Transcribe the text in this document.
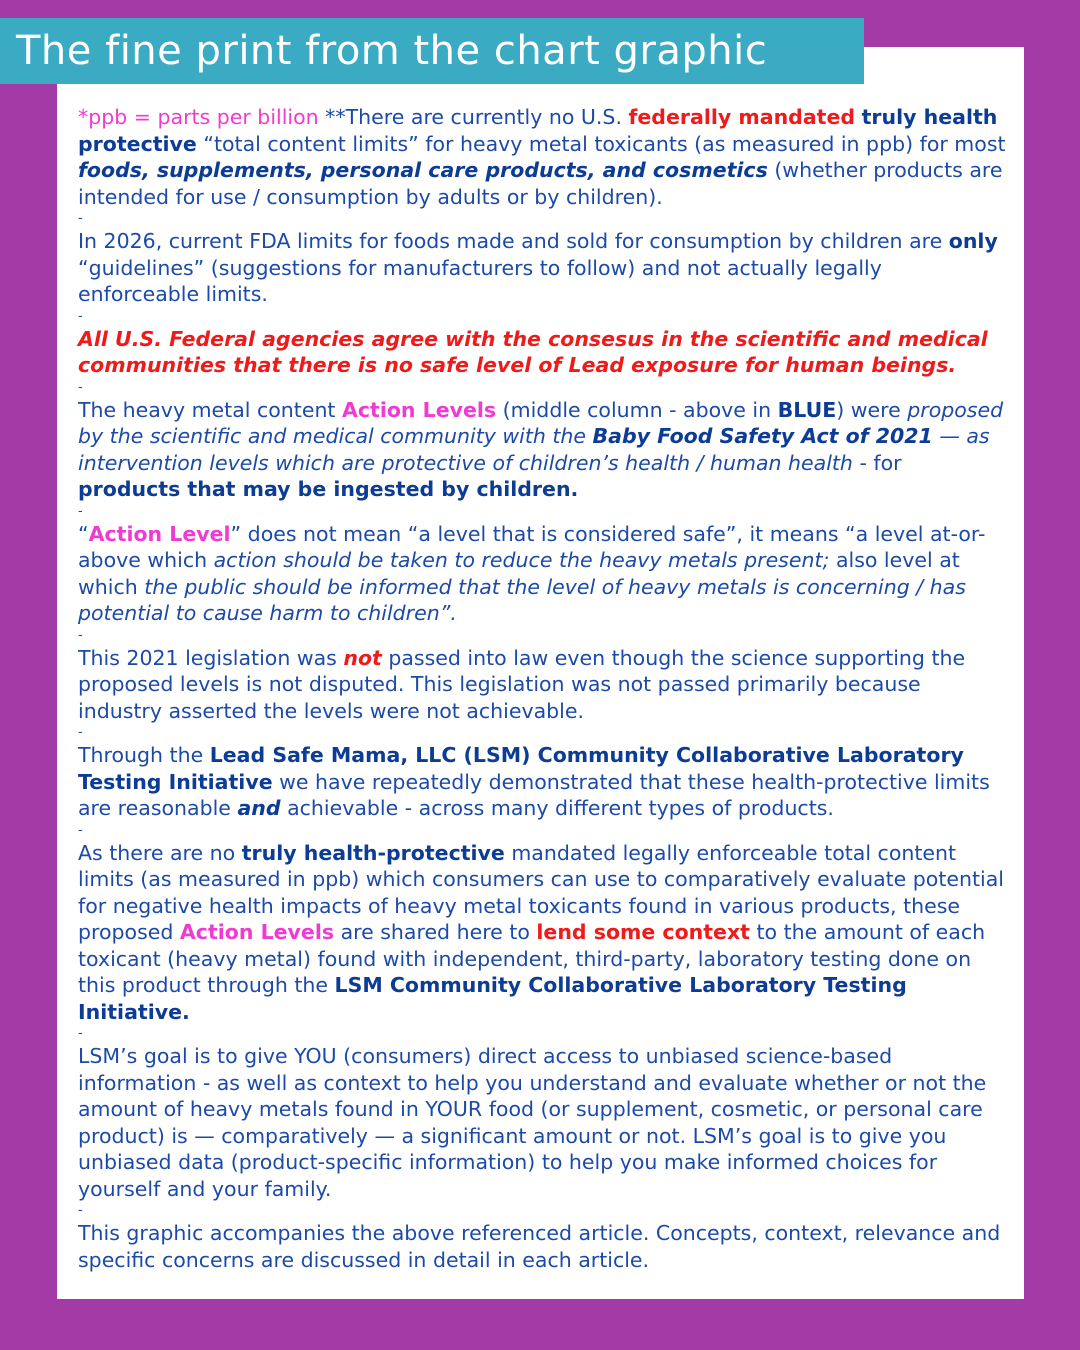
The fine print from the chart graphic

*ppb = parts per billion **There are currently no U.S. federally mandated truly health protective “total content limits” for heavy metal toxicants (as measured in ppb) for most foods, supplements, personal care products, and cosmetics (whether products are intended for use / consumption by adults or by children).

-

In 2026, current FDA limits for foods made and sold for consumption by children are only “guidelines” (suggestions for manufacturers to follow) and not actually legally enforceable limits.

-

All U.S. Federal agencies agree with the consesus in the scientific and medical communities that there is no safe level of Lead exposure for human beings.

-

The heavy metal content Action Levels (middle column - above in BLUE) were proposed by the scientific and medical community with the Baby Food Safety Act of 2021 — as intervention levels which are protective of children’s health / human health - for products that may be ingested by children.

-

“Action Level” does not mean “a level that is considered safe”, it means “a level at-or-above which action should be taken to reduce the heavy metals present; also level at which the public should be informed that the level of heavy metals is concerning / has potential to cause harm to children”.

-

This 2021 legislation was not passed into law even though the science supporting the proposed levels is not disputed. This legislation was not passed primarily because industry asserted the levels were not achievable.

-

Through the Lead Safe Mama, LLC (LSM) Community Collaborative Laboratory Testing Initiative we have repeatedly demonstrated that these health-protective limits are reasonable and achievable - across many different types of products.

-

As there are no truly health-protective mandated legally enforceable total content limits (as measured in ppb) which consumers can use to comparatively evaluate potential for negative health impacts of heavy metal toxicants found in various products, these proposed Action Levels are shared here to lend some context to the amount of each toxicant (heavy metal) found with independent, third-party, laboratory testing done on this product through the LSM Community Collaborative Laboratory Testing Initiative.

-

LSM’s goal is to give YOU (consumers) direct access to unbiased science-based information - as well as context to help you understand and evaluate whether or not the amount of heavy metals found in YOUR food (or supplement, cosmetic, or personal care product) is — comparatively — a significant amount or not. LSM’s goal is to give you unbiased data (product-specific information) to help you make informed choices for yourself and your family.

-

This graphic accompanies the above referenced article. Concepts, context, relevance and specific concerns are discussed in detail in each article.
